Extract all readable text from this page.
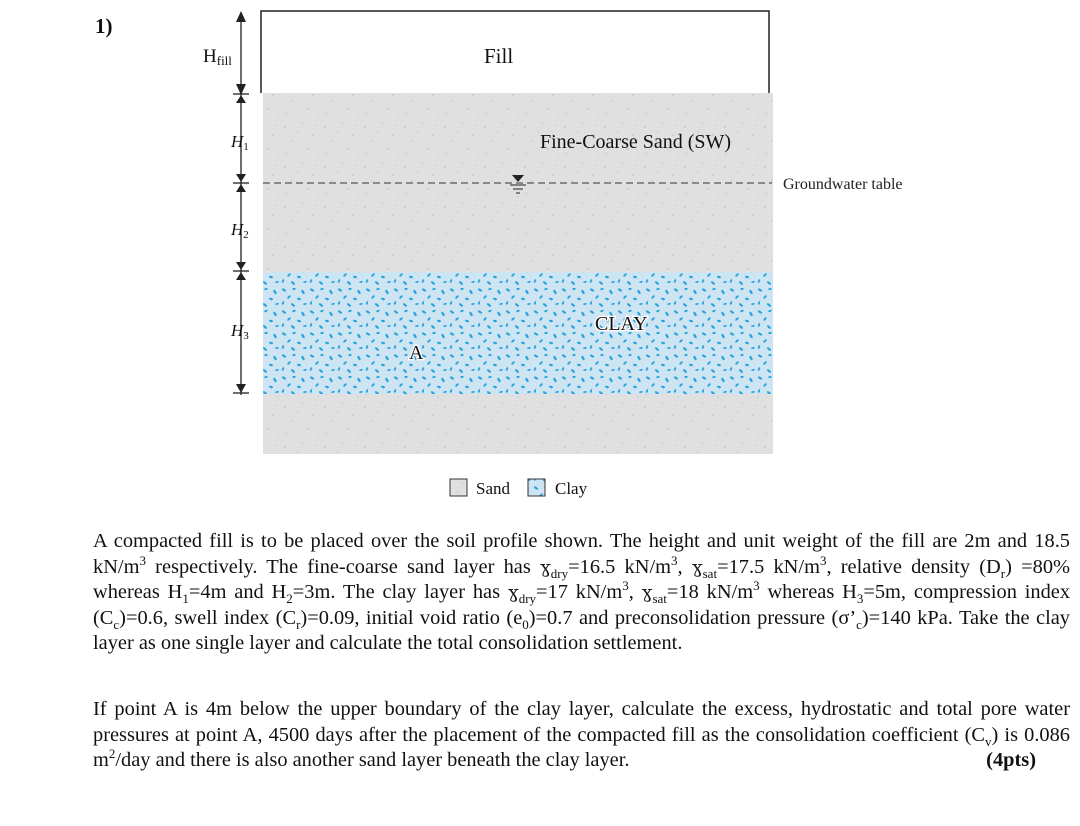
1)
Fill
Groundwater table
Fine-Coarse Sand (SW)
CLAY
A
Hfill
H1
H2
H3
Sand	Clay

A compacted fill is to be placed over the soil profile shown. The height and unit weight of the fill are 2m and 18.5 $kN/m^3$ respectively. The fine-coarse sand layer has ɣ$_{dry}$=16.5 $kN/m^3$, ɣ$_{sat}$=17.5 $kN/m^3$, relative density $(D_r) =80\%$ whereas $H_1=4m$ and $H_2=3m$. The clay layer has ɣ$_{dry}$=17 $kN/m^3$, ɣ$_{sat}$=18 $kN/m^3$ whereas $H_3=5m$, compression index $(C_c)=0.6$, swell index $(C_r)=0.09$, initial void ratio $(e_0)=0.7$ and preconsolidation pressure $(\sigma’_c)=140$ kPa. Take the clay layer as one single layer and calculate the total consolidation settlement.

If point A is 4m below the upper boundary of the clay layer, calculate the excess, hydrostatic and total pore water pressures at point A, 4500 days after the placement of the compacted fill as the consolidation coefficient $(C_v)$ is 0.086 $m^2$/day and there is also another sand layer beneath the clay layer.	(4pts)
